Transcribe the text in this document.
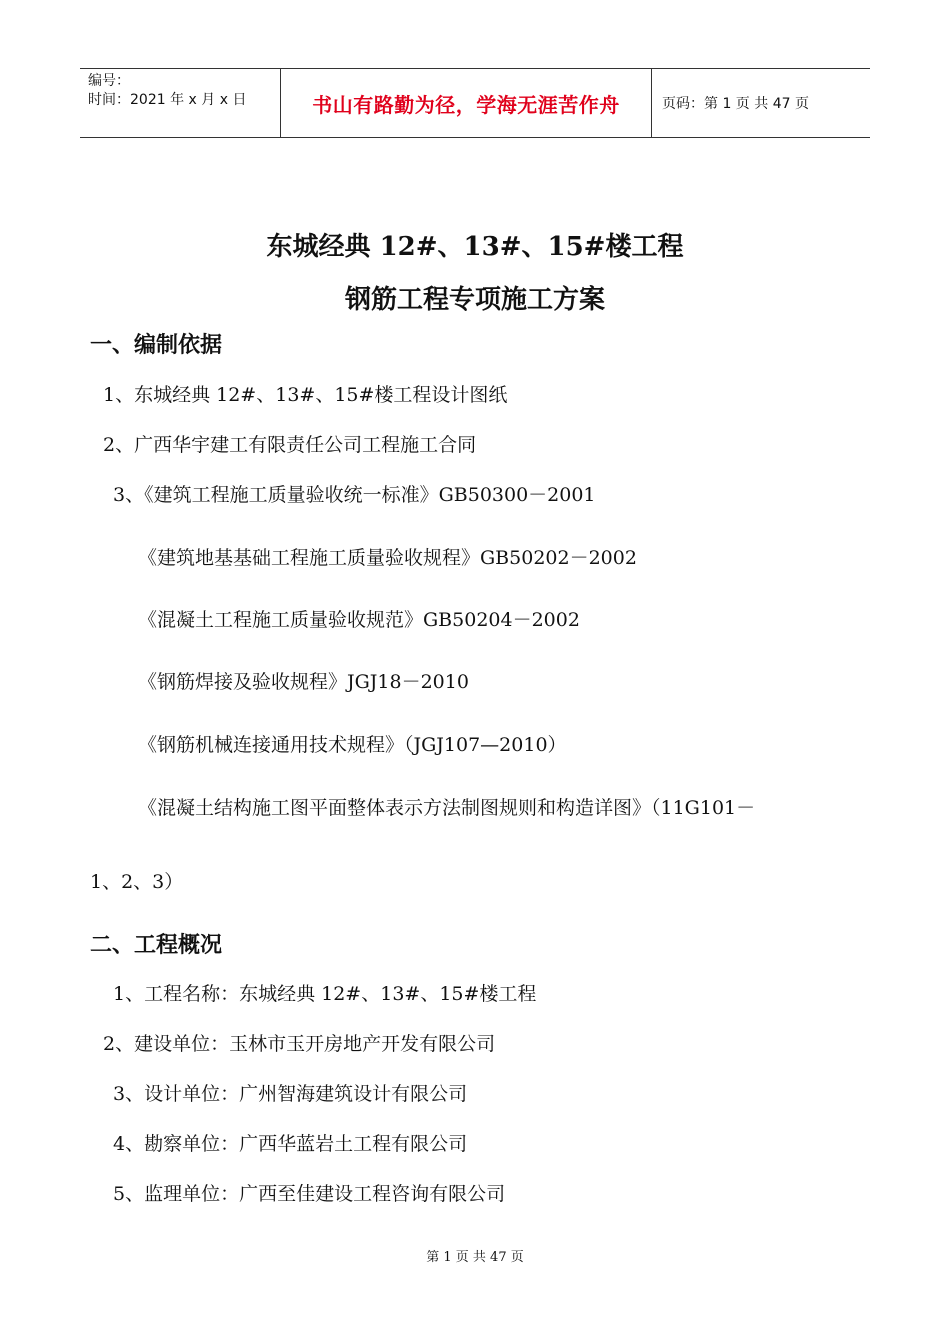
编号：
时间：2021 年 x 月 x 日	书山有路勤为径，学海无涯苦作舟	页码：第 1 页 共 47 页
东城经典 12#、13#、15#楼工程
钢筋工程专项施工方案
一、编制依据
1、东城经典 12#、13#、15#楼工程设计图纸
2、广西华宇建工有限责任公司工程施工合同
3、《建筑工程施工质量验收统一标准》GB50300－2001
《建筑地基基础工程施工质量验收规程》GB50202－2002
《混凝土工程施工质量验收规范》GB50204－2002
《钢筋焊接及验收规程》JGJ18－2010
《钢筋机械连接通用技术规程》（JGJ107—2010）
《混凝土结构施工图平面整体表示方法制图规则和构造详图》（11G101－
1、2、3）
二、工程概况
1、工程名称：东城经典 12#、13#、15#楼工程
2、建设单位：玉林市玉开房地产开发有限公司
3、设计单位：广州智海建筑设计有限公司
4、勘察单位：广西华蓝岩土工程有限公司
5、监理单位：广西至佳建设工程咨询有限公司
第 1 页 共 47 页
